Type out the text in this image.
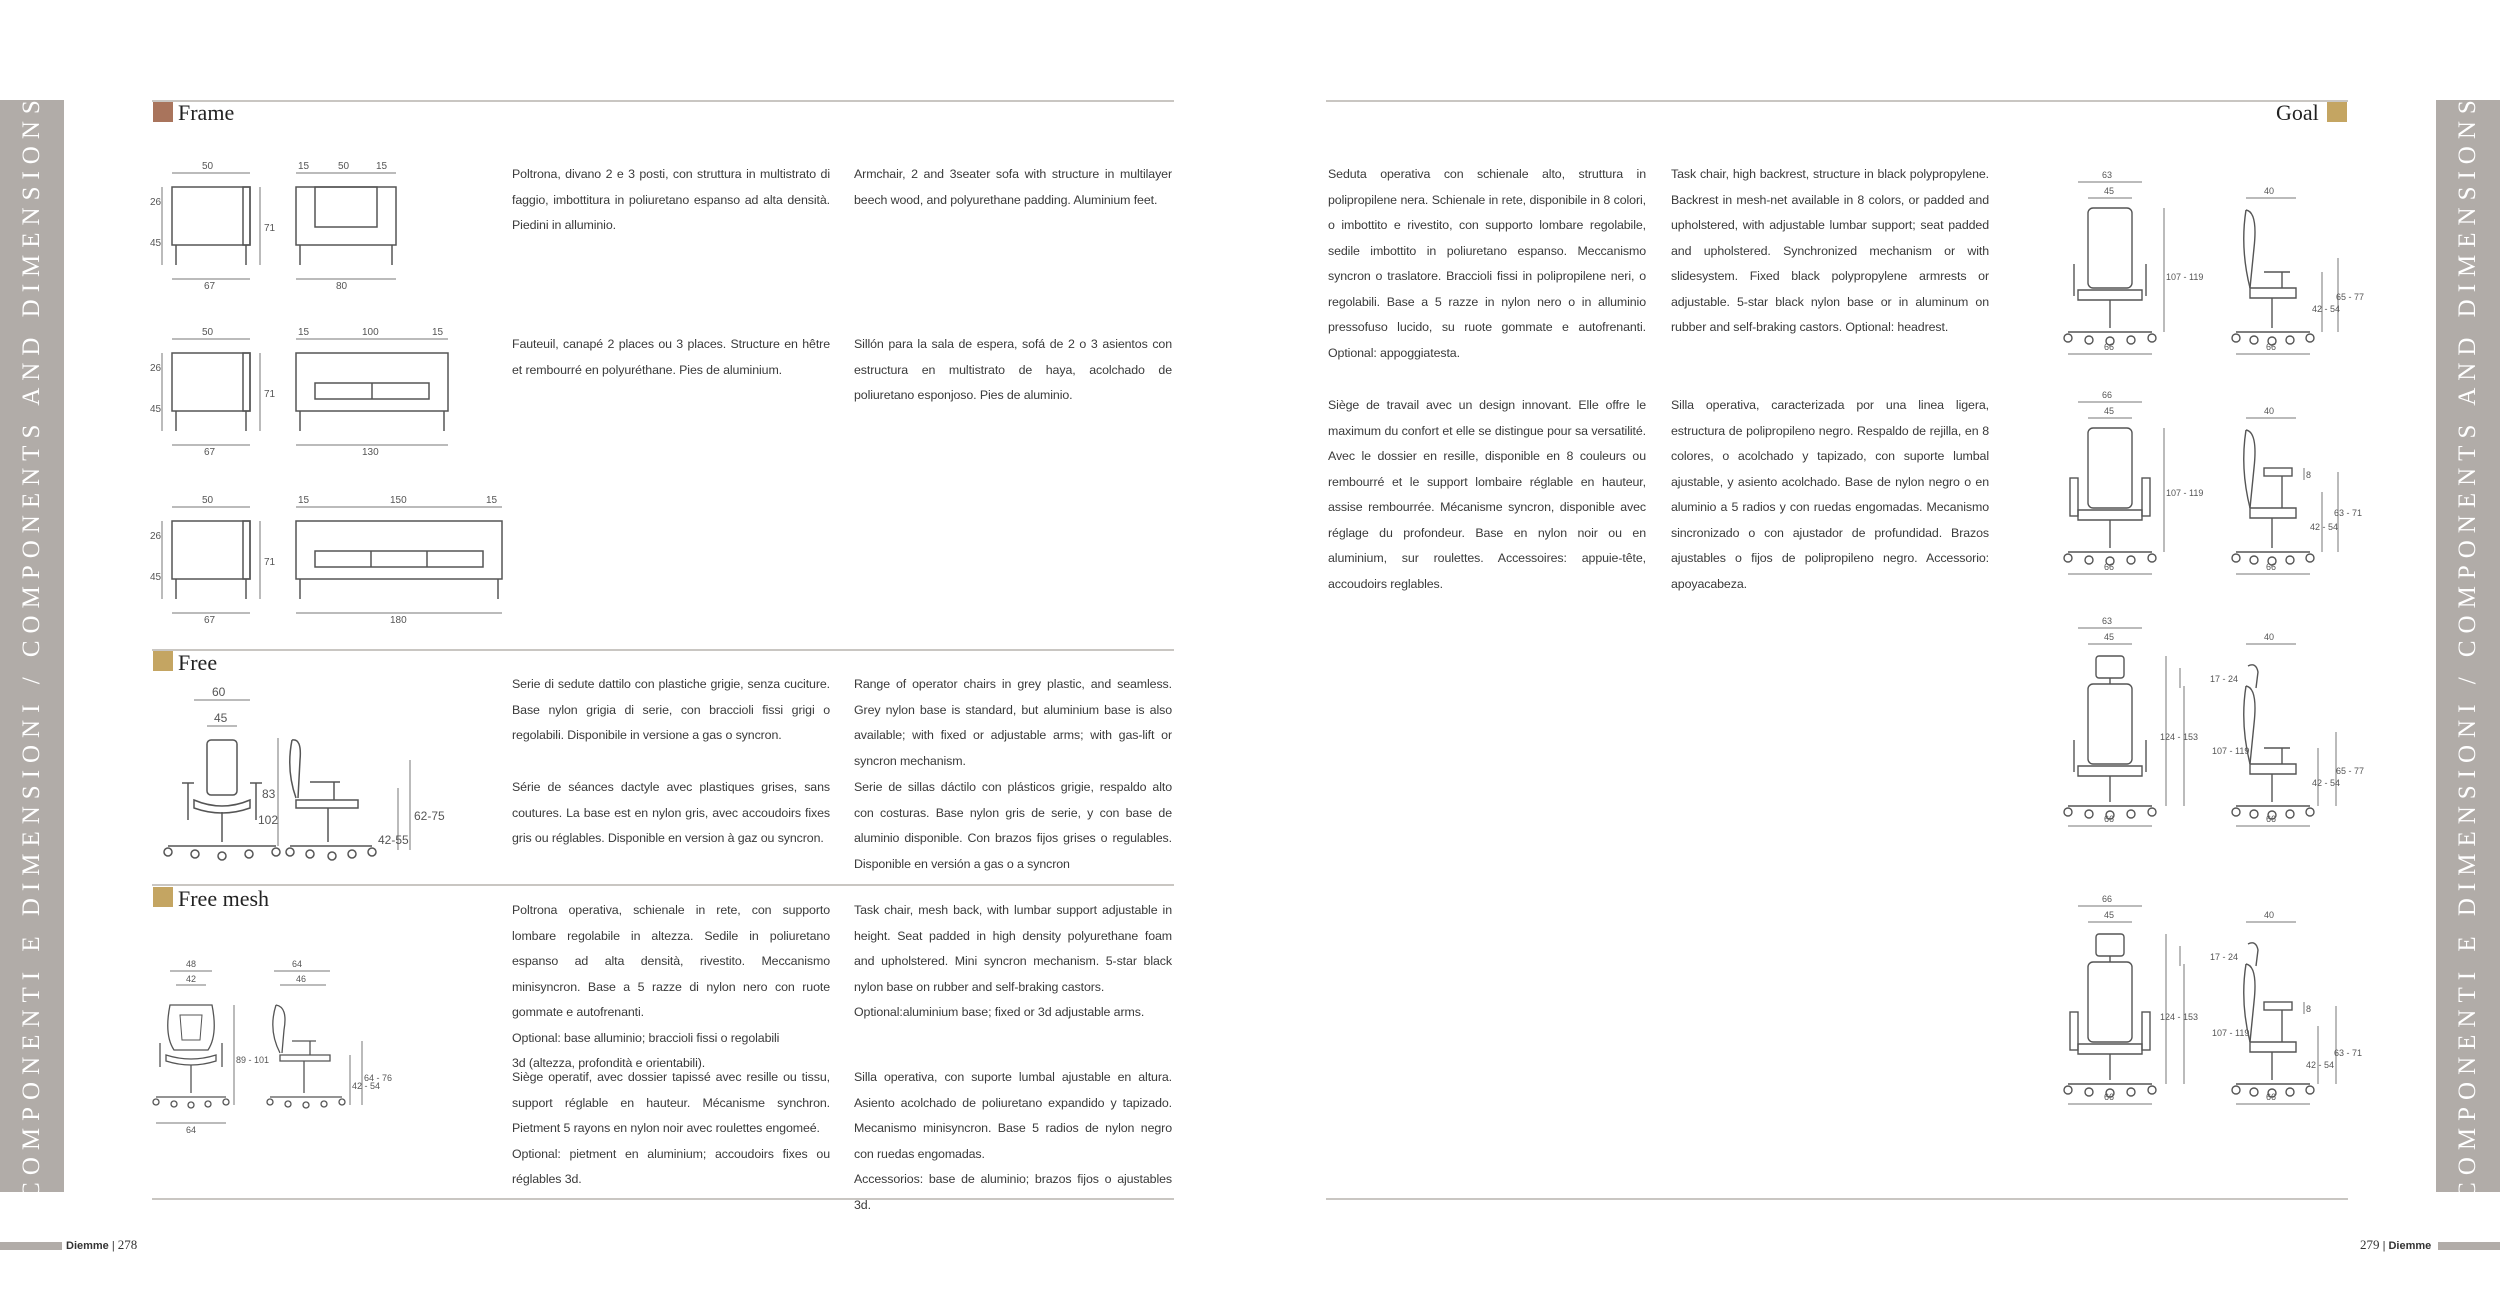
COMPONENTI E DIMENSIONI / COMPONENTS AND DIMENSIONS	COMPONENTI E DIMENSIONI / COMPONENTS AND DIMENSIONS
Frame
Poltrona, divano 2 e 3 posti, con struttura in multistrato di faggio, imbottitura in poliuretano espanso ad alta densità. Piedini in alluminio.
Armchair, 2 and 3seater sofa with structure in multilayer beech wood, and polyurethane padding. Aluminium feet.
Fauteuil, canapé 2 places ou 3 places. Structure en hêtre et rembourré en polyuréthane. Pies de aluminium.
Sillón para la sala de espera, sofá de 2 o 3 asientos con estructura en multistrato de haya, acolchado de poliuretano esponjoso. Pies de aluminio.
50
67
26
45
71
15	50	15
80
50
67
26
45
71
15	100	15
130
50
67
26
45
71
15	150	15
180
Free
Serie di sedute dattilo con plastiche grigie, senza cuciture. Base nylon grigia di serie, con braccioli fissi grigi o regolabili. Disponibile in versione a gas o syncron.
Range of operator chairs in grey plastic, and seamless. Grey nylon base is standard, but aluminium base is also available; with fixed or adjustable arms; with gas-lift or syncron mechanism.
Série de séances dactyle avec plastiques grises, sans coutures. La base est en nylon gris, avec accoudoirs fixes gris ou réglables. Disponible en version à gaz ou syncron.
Serie de sillas dáctilo con plásticos grigie, respaldo alto con costuras. Base nylon gris de serie, y con base de aluminio disponible. Con brazos fijos grises o regulables. Disponible en versión a gas o a syncron
60
45
83
102
42-55
62-75
Free mesh	Poltrona operativa, schienale in rete, con supporto lombare regolabile in altezza. Sedile in poliuretano espanso ad alta densità, rivestito. Meccanismo minisyncron. Base a 5 razze di nylon nero con ruote gommate e autofrenanti.
Optional: base alluminio; braccioli fissi o regolabili
3d (altezza, profondità e orientabili).
Task chair, mesh back, with lumbar support adjustable in height. Seat padded in high density polyurethane foam and upholstered. Mini syncron mechanism. 5-star black nylon base on rubber and self-braking castors.
Optional:aluminium base; fixed or 3d adjustable arms.
Siège operatif, avec dossier tapissé avec resille ou tissu, support réglable en hauteur. Mécanisme synchron. Pietment 5 rayons en nylon noir avec roulettes engomeé.
Optional: pietment en aluminium; accoudoirs fixes ou réglables 3d.
Silla operativa, con suporte lumbal ajustable en altura. Asiento acolchado de poliuretano expandido y tapizado. Mecanismo minisyncron. Base 5 radios de nylon negro con ruedas engomadas.
Accessorios: base de aluminio; brazos fijos o ajustables 3d.
48
42
64
46
89 - 101
42 - 54
64 - 76
64
Goal
Seduta operativa con schienale alto, struttura in polipropilene nera. Schienale in rete, disponibile in 8 colori, o imbottito e rivestito, con supporto lombare regolabile, sedile imbottito in poliuretano espanso. Meccanismo syncron o traslatore. Braccioli fissi in polipropilene neri, o regolabili. Base a 5 razze in nylon nero o in alluminio pressofuso lucido, su ruote gommate e autofrenanti. Optional: appoggiatesta.
Task chair, high backrest, structure in black polypropylene. Backrest in mesh-net available in 8 colors, or padded and upholstered, with adjustable lumbar support; seat padded and upholstered. Synchronized mechanism or with slidesystem. Fixed black polypropylene armrests or adjustable. 5-star black nylon base or in aluminum on rubber and self-braking castors. Optional: headrest.
Siège de travail avec un design innovant. Elle offre le maximum du confort et elle se distingue pour sa versatilité. Avec le dossier en resille, disponible en 8 couleurs ou rembourré et le support lombaire réglable en hauteur, assise rembourrée. Mécanisme syncron, disponible avec réglage du profondeur. Base en nylon noir ou en aluminium, sur roulettes. Accessoires: appuie-tête, accoudoirs reglables.
Silla operativa, caracterizada por una linea ligera, estructura de polipropileno negro. Respaldo de rejilla, en 8 colores, o acolchado y tapizado, con suporte lumbal ajustable, y asiento acolchado. Base de nylon negro o en aluminio a 5 radios y con ruedas engomadas. Mecanismo sincronizado o con ajustador de profundidad. Brazos ajustables o fijos de polipropileno negro. Accessorio: apoyacabeza.
63
45	40
107 - 119
65 - 77
42 - 54
66	66
66
45	40
107 - 119
8
63 - 71
42 - 54
66	66
63
45	40
17 - 24
124 - 153
107 - 119
65 - 77
42 - 54
66	66
66
45	40
17 - 24
124 - 153
107 - 119
8
63 - 71
42 - 54
66	66
Diemme | 278	279 | Diemme
